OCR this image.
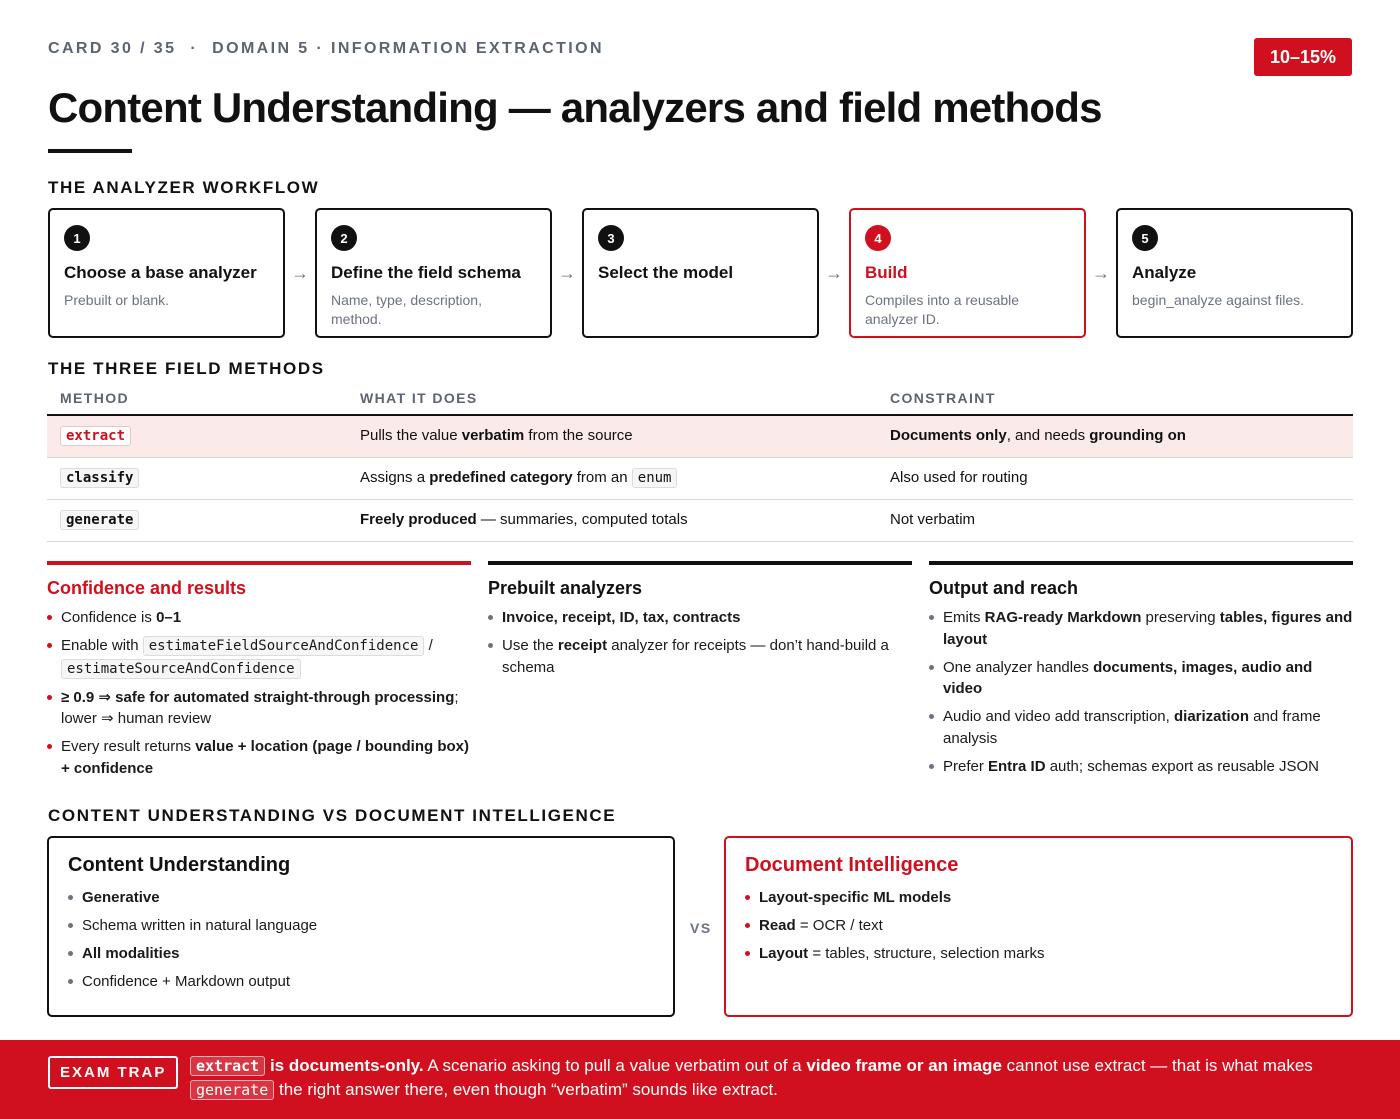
CARD 30 / 35 · DOMAIN 5 · INFORMATION EXTRACTION	10–15%
Content Understanding — analyzers and field methods
THE ANALYZER WORKFLOW
1
Choose a base analyzer
Prebuilt or blank.
→
2
Define the field schema
Name, type, description, method.
→
3
Select the model	→
4
Build
Compiles into a reusable analyzer ID.
→
5
Analyze
begin_analyze against files.
THE THREE FIELD METHODS
METHOD	WHAT IT DOES	CONSTRAINT
extract	Pulls the value verbatim from the source	Documents only, and needs grounding on
classify	Assigns a predefined category from an enum	Also used for routing
generate	Freely produced — summaries, computed totals	Not verbatim
Confidence and results
Confidence is 0–1
Enable with estimateFieldSourceAndConfidence / estimateSourceAndConfidence
≥ 0.9 ⇒ safe for automated straight-through processing; lower ⇒ human review
Every result returns value + location (page / bounding box) + confidence
Prebuilt analyzers
Invoice, receipt, ID, tax, contracts
Use the receipt analyzer for receipts — don’t hand-build a schema
Output and reach
Emits RAG-ready Markdown preserving tables, figures and layout
One analyzer handles documents, images, audio and video
Audio and video add transcription, diarization and frame analysis
Prefer Entra ID auth; schemas export as reusable JSON
CONTENT UNDERSTANDING VS DOCUMENT INTELLIGENCE
Content Understanding
Generative
Schema written in natural language
All modalities
Confidence + Markdown output
VS
Document Intelligence
Layout-specific ML models
Read = OCR / text
Layout = tables, structure, selection marks
EXAM TRAP	extract is documents-only. A scenario asking to pull a value verbatim out of a video frame or an image cannot use extract — that is what makes generate the right answer there, even though “verbatim” sounds like extract.
